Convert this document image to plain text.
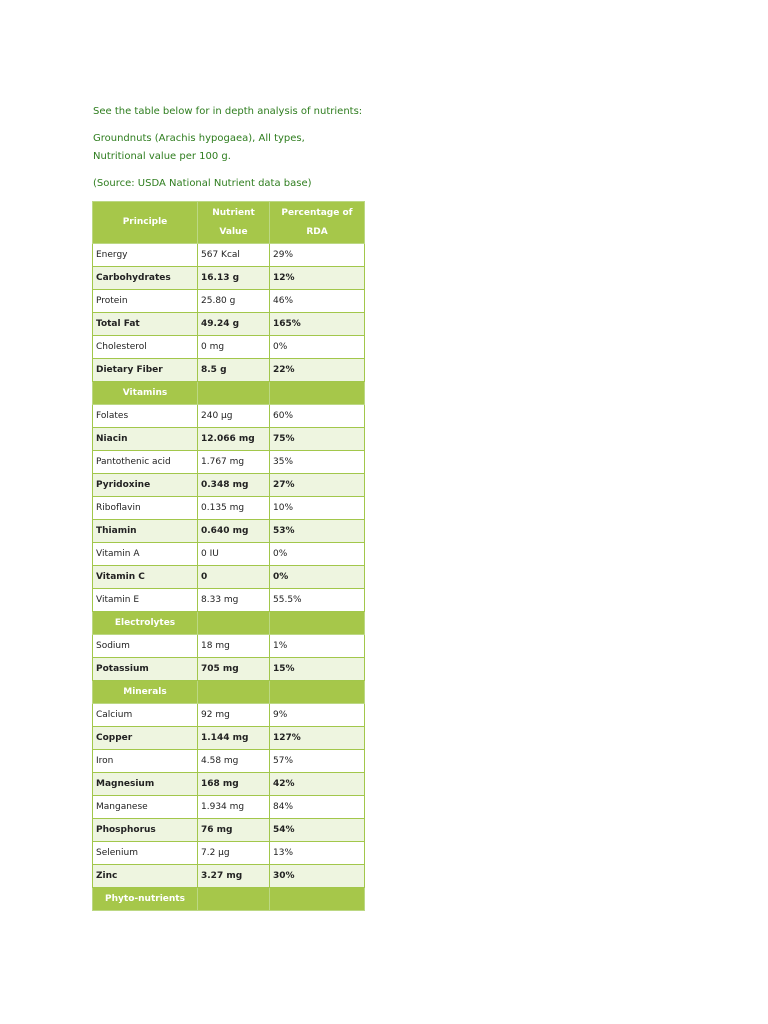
See the table below for in depth analysis of nutrients:

Groundnuts (Arachis hypogaea), All types,

Nutritional value per 100 g.

(Source: USDA National Nutrient data base)

Principle	Nutrient Value	Percentage of RDA
Energy	567 Kcal	29%
Carbohydrates	16.13 g	12%
Protein	25.80 g	46%
Total Fat	49.24 g	165%
Cholesterol	0 mg	0%
Dietary Fiber	8.5 g	22%
Vitamins		
Folates	240 µg	60%
Niacin	12.066 mg	75%
Pantothenic acid	1.767 mg	35%
Pyridoxine	0.348 mg	27%
Riboflavin	0.135 mg	10%
Thiamin	0.640 mg	53%
Vitamin A	0 IU	0%
Vitamin C	0	0%
Vitamin E	8.33 mg	55.5%
Electrolytes		
Sodium	18 mg	1%
Potassium	705 mg	15%
Minerals		
Calcium	92 mg	9%
Copper	1.144 mg	127%
Iron	4.58 mg	57%
Magnesium	168 mg	42%
Manganese	1.934 mg	84%
Phosphorus	76 mg	54%
Selenium	7.2 µg	13%
Zinc	3.27 mg	30%
Phyto-nutrients		
